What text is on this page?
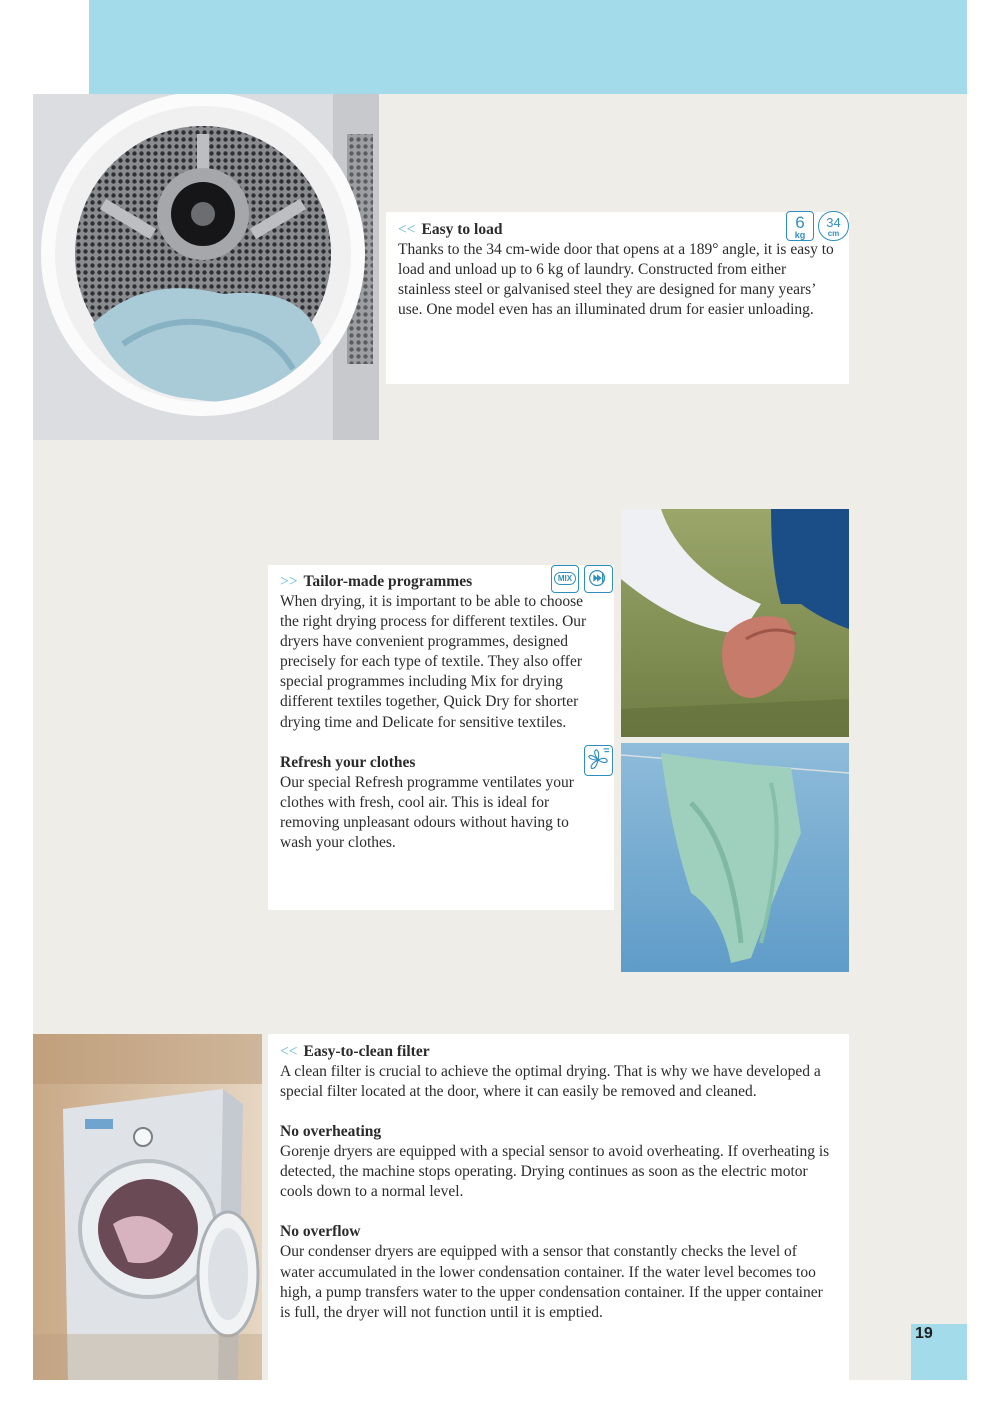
<< Easy to load

Thanks to the 34 cm-wide door that opens at a 189° angle, it is easy to load and unload up to 6 kg of laundry. Constructed from either stainless steel or galvanised steel they are designed for many years’ use. One model even has an illuminated drum for easier unloading.

6
kg
34
cm

>> Tailor-made programmes

When drying, it is important to be able to choose the right drying process for different textiles. Our dryers have convenient programmes, designed precisely for each type of textile. They also offer special programmes including Mix for drying different textiles together, Quick Dry for shorter drying time and Delicate for sensitive textiles.

Refresh your clothes

Our special Refresh programme ventilates your clothes with fresh, cool air. This is ideal for removing unpleasant odours without having to wash your clothes.

MIX

<< Easy-to-clean filter

A clean filter is crucial to achieve the optimal drying. That is why we have developed a special filter located at the door, where it can easily be removed and cleaned.

No overheating

Gorenje dryers are equipped with a special sensor to avoid overheating. If overheating is detected, the machine stops operating. Drying continues as soon as the electric motor cools down to a normal level.

No overflow

Our condenser dryers are equipped with a sensor that constantly checks the level of water accumulated in the lower condensation container. If the water level becomes too high, a pump transfers water to the upper condensation container. If the upper container is full, the dryer will not function until it is emptied.

19
